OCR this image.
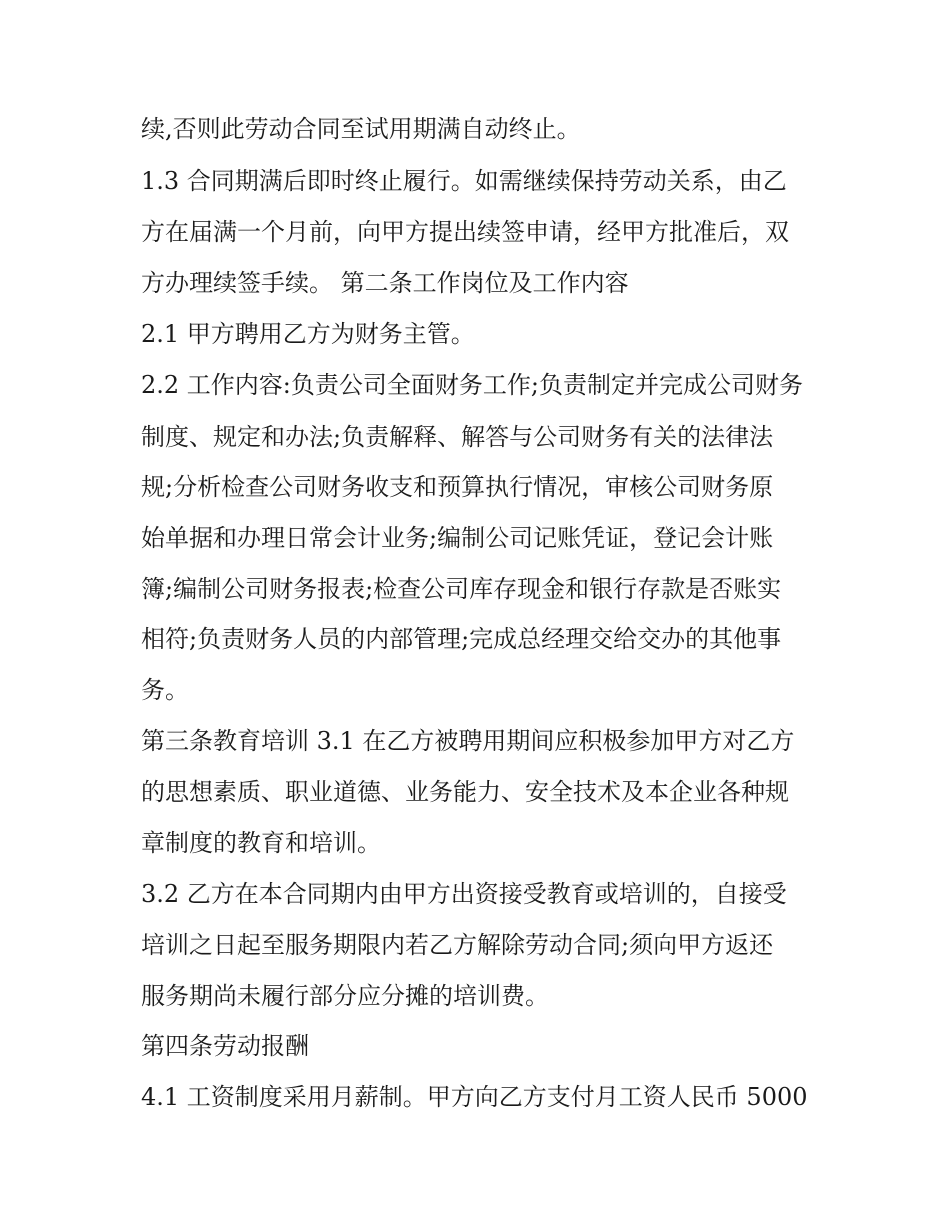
续,否则此劳动合同至试用期满自动终止。

1.3 合同期满后即时终止履行。如需继续保持劳动关系，由乙

方在届满一个月前，向甲方提出续签申请，经甲方批准后，双

方办理续签手续。 第二条工作岗位及工作内容

2.1 甲方聘用乙方为财务主管。

2.2 工作内容:负责公司全面财务工作;负责制定并完成公司财务

制度、规定和办法;负责解释、解答与公司财务有关的法律法

规;分析检查公司财务收支和预算执行情况，审核公司财务原

始单据和办理日常会计业务;编制公司记账凭证，登记会计账

簿;编制公司财务报表;检查公司库存现金和银行存款是否账实

相符;负责财务人员的内部管理;完成总经理交给交办的其他事

务。

第三条教育培训 3.1 在乙方被聘用期间应积极参加甲方对乙方

的思想素质、职业道德、业务能力、安全技术及本企业各种规

章制度的教育和培训。

3.2 乙方在本合同期内由甲方出资接受教育或培训的，自接受

培训之日起至服务期限内若乙方解除劳动合同;须向甲方返还

服务期尚未履行部分应分摊的培训费。

第四条劳动报酬

4.1 工资制度采用月薪制。甲方向乙方支付月工资人民币 5000
